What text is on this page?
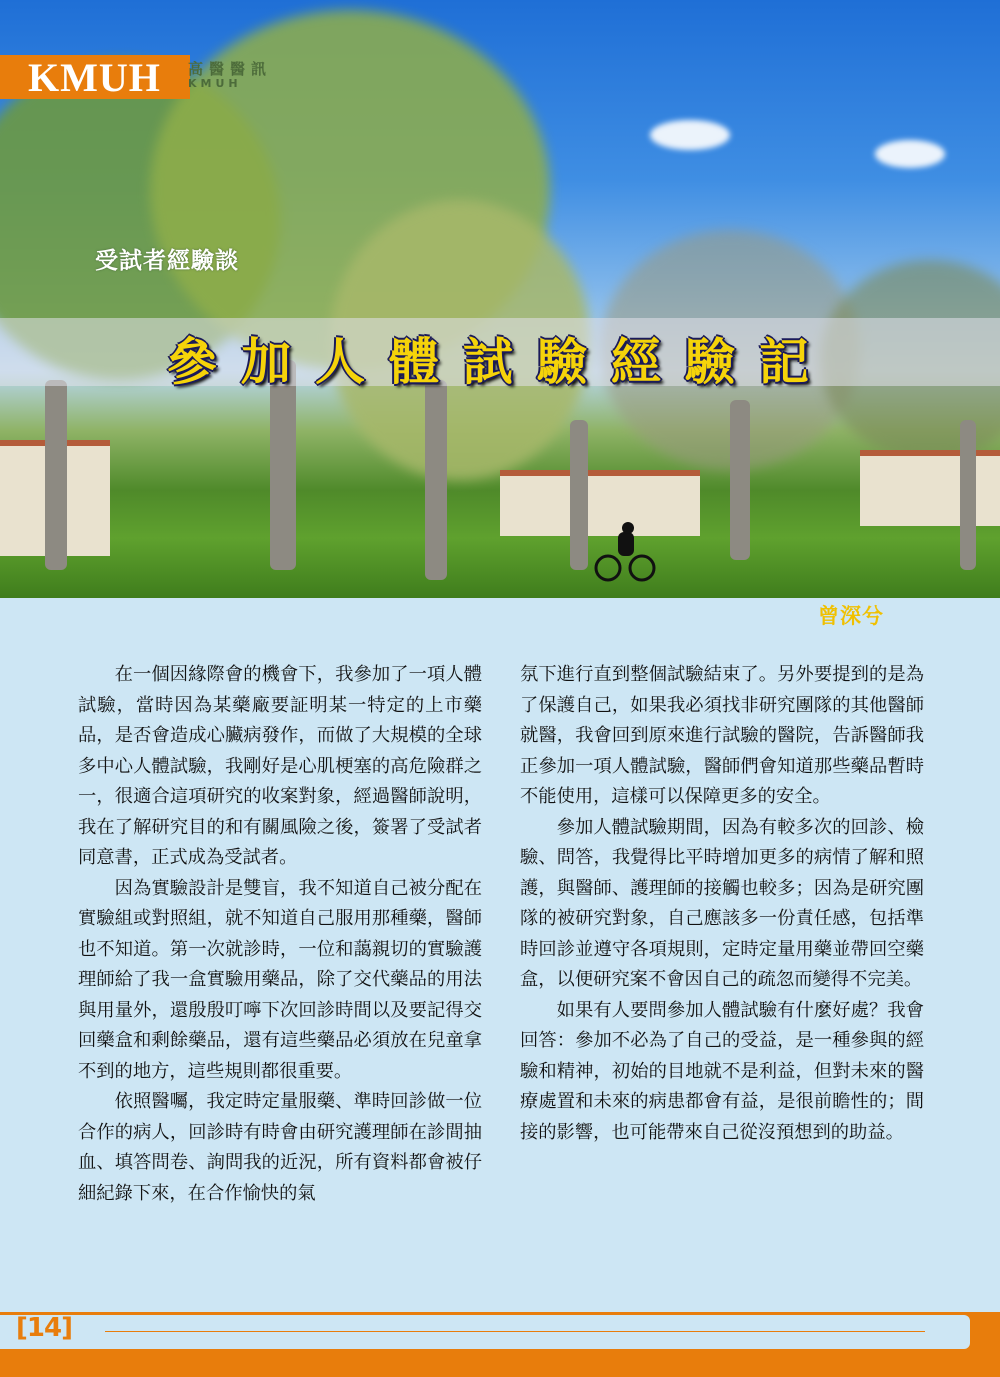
KMUH 高醫醫訊
KMUH
受試者經驗談
參加人體試驗經驗記
曾深兮

在一個因緣際會的機會下，我參加了一項人體試驗，當時因為某藥廠要証明某一特定的上市藥品，是否會造成心臟病發作，而做了大規模的全球多中心人體試驗，我剛好是心肌梗塞的高危險群之一，很適合這項研究的收案對象，經過醫師說明，我在了解研究目的和有關風險之後，簽署了受試者同意書，正式成為受試者。

因為實驗設計是雙盲，我不知道自己被分配在實驗組或對照組，就不知道自己服用那種藥，醫師也不知道。第一次就診時，一位和藹親切的實驗護理師給了我一盒實驗用藥品，除了交代藥品的用法與用量外，還殷殷叮嚀下次回診時間以及要記得交回藥盒和剩餘藥品，還有這些藥品必須放在兒童拿不到的地方，這些規則都很重要。

依照醫囑，我定時定量服藥、準時回診做一位合作的病人，回診時有時會由研究護理師在診間抽血、填答問卷、詢問我的近況，所有資料都會被仔細紀錄下來，在合作愉快的氣

氛下進行直到整個試驗結束了。另外要提到的是為了保護自己，如果我必須找非研究團隊的其他醫師就醫，我會回到原來進行試驗的醫院，告訴醫師我正參加一項人體試驗，醫師們會知道那些藥品暫時不能使用，這樣可以保障更多的安全。

參加人體試驗期間，因為有較多次的回診、檢驗、問答，我覺得比平時增加更多的病情了解和照護，與醫師、護理師的接觸也較多；因為是研究團隊的被研究對象，自己應該多一份責任感，包括準時回診並遵守各項規則，定時定量用藥並帶回空藥盒，以便研究案不會因自己的疏忽而變得不完美。

如果有人要問參加人體試驗有什麼好處？我會回答：參加不必為了自己的受益，是一種參與的經驗和精神，初始的目地就不是利益，但對未來的醫療處置和未來的病患都會有益，是很前瞻性的；間接的影響，也可能帶來自己從沒預想到的助益。

[14]
